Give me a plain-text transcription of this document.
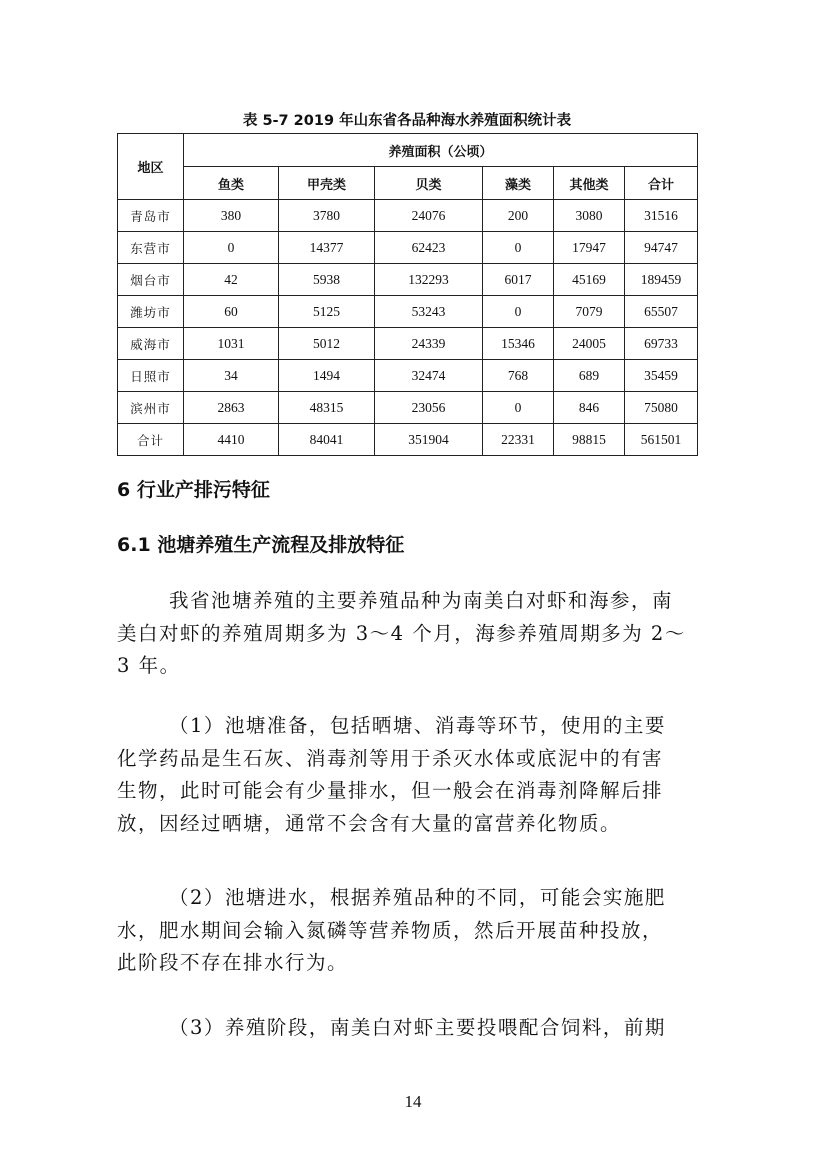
表 5-7 2019 年山东省各品种海水养殖面积统计表
地区	养殖面积（公顷）					
	鱼类	甲壳类	贝类	藻类	其他类	合计
青岛市	380	3780	24076	200	3080	31516
东营市	0	14377	62423	0	17947	94747
烟台市	42	5938	132293	6017	45169	189459
潍坊市	60	5125	53243	0	7079	65507
威海市	1031	5012	24339	15346	24005	69733
日照市	34	1494	32474	768	689	35459
滨州市	2863	48315	23056	0	846	75080
合计	4410	84041	351904	22331	98815	561501
6 行业产排污特征
6.1 池塘养殖生产流程及排放特征
我省池塘养殖的主要养殖品种为南美白对虾和海参，南
美白对虾的养殖周期多为 3～4 个月，海参养殖周期多为 2～
3 年。
（1）池塘准备，包括晒塘、消毒等环节，使用的主要
化学药品是生石灰、消毒剂等用于杀灭水体或底泥中的有害
生物，此时可能会有少量排水，但一般会在消毒剂降解后排
放，因经过晒塘，通常不会含有大量的富营养化物质。
（2）池塘进水，根据养殖品种的不同，可能会实施肥
水，肥水期间会输入氮磷等营养物质，然后开展苗种投放，
此阶段不存在排水行为。
（3）养殖阶段，南美白对虾主要投喂配合饲料，前期
14
